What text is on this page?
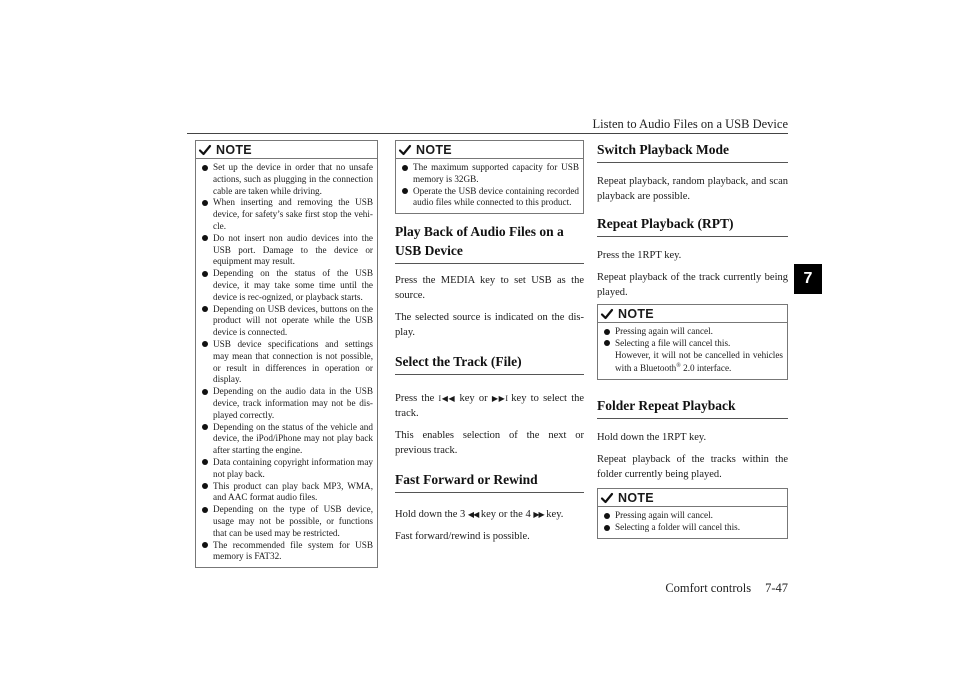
Listen to Audio Files on a USB Device
7
NOTE
Set up the device in order that no unsafe actions, such as plugging in the connection cable are taken while driving.
When inserting and removing the USB device, for safety’s sake first stop the vehi-cle.
Do not insert non audio devices into the USB port. Damage to the device or equipment may result.
Depending on the status of the USB device, it may take some time until the device is rec-ognized, or playback starts.
Depending on USB devices, buttons on the product will not operate while the USB device is connected.
USB device specifications and settings may mean that connection is not possible, or result in differences in operation or display.
Depending on the audio data in the USB device, track information may not be dis-played correctly.
Depending on the status of the vehicle and device, the iPod/iPhone may not play back after starting the engine.
Data containing copyright information may not play back.
This product can play back MP3, WMA, and AAC format audio files.
Depending on the type of USB device, usage may not be possible, or functions that can be used may be restricted.
The recommended file system for USB memory is FAT32.
NOTE
The maximum supported capacity for USB memory is 32GB.
Operate the USB device containing recorded audio files while connected to this product.
Play Back of Audio Files on a USB Device

Press the MEDIA key to set USB as the source.

The selected source is indicated on the dis-play.

Select the Track (File)

Press the I◀◀ key or ▶▶I key to select the track.

This enables selection of the next or previous track.

Fast Forward or Rewind

Hold down the 3 ◀◀ key or the 4 ▶▶ key.

Fast forward/rewind is possible.

Switch Playback Mode

Repeat playback, random playback, and scan playback are possible.

Repeat Playback (RPT)

Press the 1RPT key.

Repeat playback of the track currently being played.

NOTE
Pressing again will cancel.
Selecting a file will cancel this.
However, it will not be cancelled in vehicles with a Bluetooth® 2.0 interface.
Folder Repeat Playback

Hold down the 1RPT key.

Repeat playback of the tracks within the folder currently being played.

NOTE
Pressing again will cancel.
Selecting a folder will cancel this.
Comfort controls 7-47
